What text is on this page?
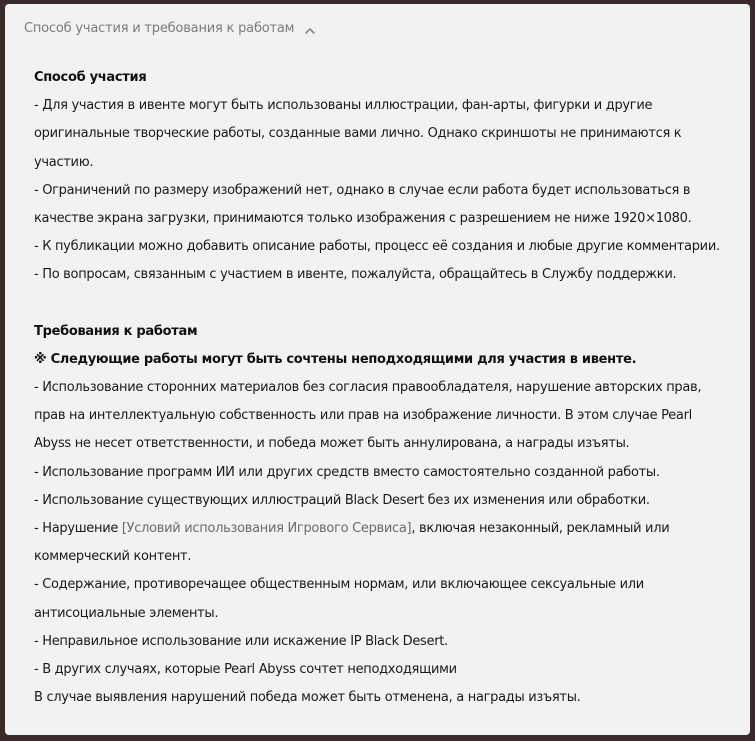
Способ участия и требования к работам
Способ участия
- Для участия в ивенте могут быть использованы иллюстрации, фан-арты, фигурки и другие
оригинальные творческие работы, созданные вами лично. Однако скриншоты не принимаются к
участию.
- Ограничений по размеру изображений нет, однако в случае если работа будет использоваться в
качестве экрана загрузки, принимаются только изображения с разрешением не ниже 1920×1080.
- К публикации можно добавить описание работы, процесс её создания и любые другие комментарии.
- По вопросам, связанным с участием в ивенте, пожалуйста, обращайтесь в Службу поддержки.
Требования к работам
※ Следующие работы могут быть сочтены неподходящими для участия в ивенте.
- Использование сторонних материалов без согласия правообладателя, нарушение авторских прав,
прав на интеллектуальную собственность или прав на изображение личности. В этом случае Pearl
Abyss не несет ответственности, и победа может быть аннулирована, а награды изъяты.
- Использование программ ИИ или других средств вместо самостоятельно созданной работы.
- Использование существующих иллюстраций Black Desert без их изменения или обработки.
- Нарушение [Условий использования Игрового Сервиса], включая незаконный, рекламный или
коммерческий контент.
- Содержание, противоречащее общественным нормам, или включающее сексуальные или
антисоциальные элементы.
- Неправильное использование или искажение IP Black Desert.
- В других случаях, которые Pearl Abyss сочтет неподходящими
В случае выявления нарушений победа может быть отменена, а награды изъяты.
